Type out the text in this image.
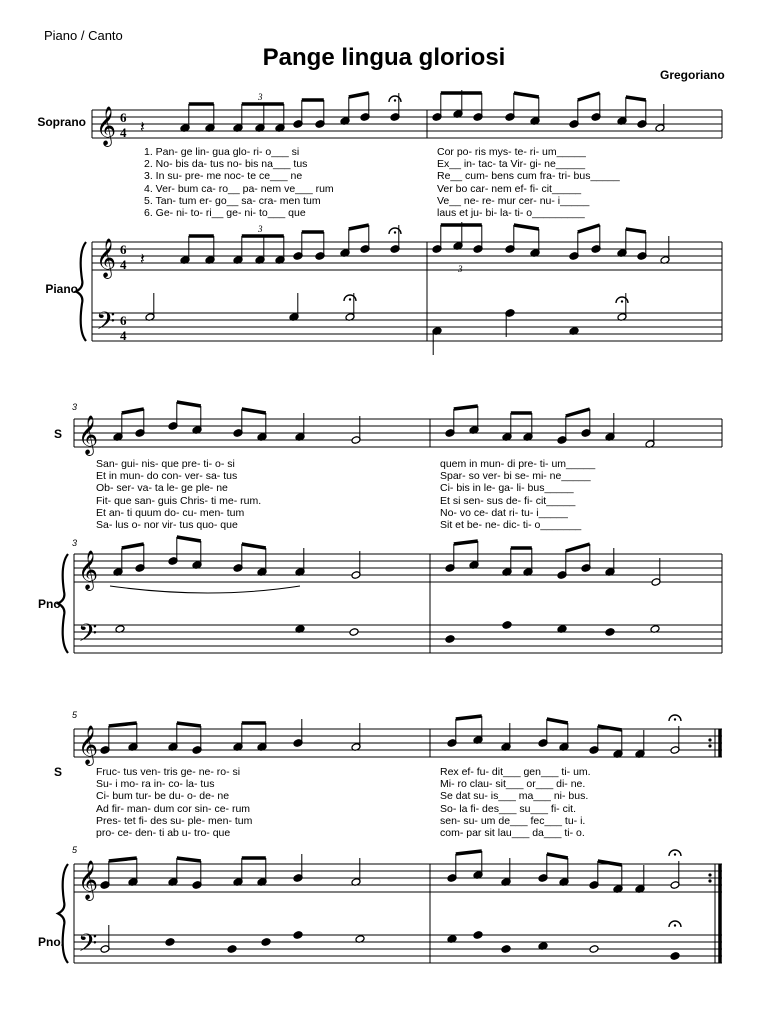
Piano / Canto
Pange lingua gloriosi
Gregoriano
Soprano
Piano
S
Pno.
S
Pno.
3
3
5
5
1. Pan- ge lin- gua glo- ri- o___ si
2. No- bis da- tus no- bis na___ tus
3. In su- pre- me noc- te ce___ ne
4. Ver- bum ca- ro__ pa- nem ve___ rum
5. Tan- tum er- go__ sa- cra- men tum
6. Ge- ni- to- ri__ ge- ni- to___ que
Cor po- ris mys- te- ri- um_____
Ex__ in- tac- ta Vir- gi- ne_____
Re__ cum- bens cum fra- tri- bus_____
Ver bo car- nem ef- fi- cit_____
Ve__ ne- re- mur cer- nu- i_____
laus et ju- bi- la- ti- o_________
San- gui- nis- que pre- ti- o- si
Et in mun- do con- ver- sa- tus
Ob- ser- va- ta le- ge ple- ne
Fit- que san- guis Chris- ti me- rum.
Et an- ti quum do- cu- men- tum
Sa- lus o- nor vir- tus quo- que
quem in mun- di pre- ti- um_____
Spar- so ver- bi se- mi- ne_____
Ci- bis in le- ga- li- bus_____
Et si sen- sus de- fi- cit_____
No- vo ce- dat ri- tu- i_____
Sit et be- ne- dic- ti- o_______
Fruc- tus ven- tris ge- ne- ro- si
Su- i mo- ra in- co- la- tus
Ci- bum tur- be du- o- de- ne
Ad fir- man- dum cor sin- ce- rum
Pres- tet fi- des su- ple- men- tum
pro- ce- den- ti ab u- tro- que
Rex ef- fu- dit___ gen___ ti- um.
Mi- ro clau- sit___ or___ di- ne.
Se dat su- is___ ma___ ni- bus.
So- la fi- des___ su___ fi- cit.
sen- su- um de___ fec___ tu- i.
com- par sit lau___ da___ ti- o.
𝄞
𝄞
𝄢
6
4
6
4
6
4
𝄽
𝄽
3
3
3
𝄞
𝄞
𝄢
𝄞
𝄞
𝄢
